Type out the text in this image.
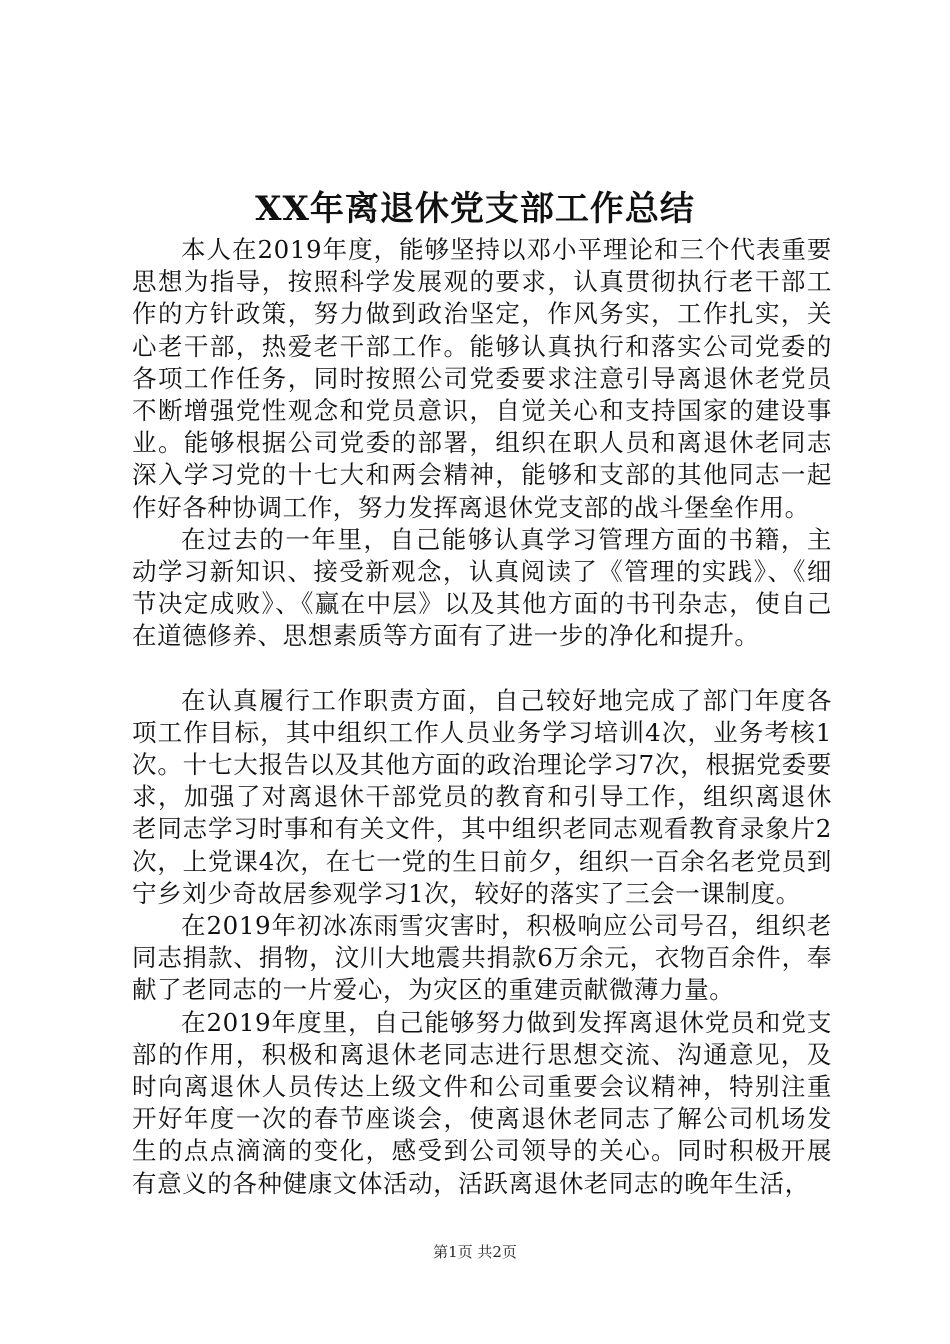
XX年离退休党支部工作总结

本人在2019年度，能够坚持以邓小平理论和三个代表重要思想为指导，按照科学发展观的要求，认真贯彻执行老干部工作的方针政策，努力做到政治坚定，作风务实，工作扎实，关心老干部，热爱老干部工作。能够认真执行和落实公司党委的各项工作任务，同时按照公司党委要求注意引导离退休老党员不断增强党性观念和党员意识，自觉关心和支持国家的建设事业。能够根据公司党委的部署，组织在职人员和离退休老同志深入学习党的十七大和两会精神，能够和支部的其他同志一起作好各种协调工作，努力发挥离退休党支部的战斗堡垒作用。

在过去的一年里，自己能够认真学习管理方面的书籍，主动学习新知识、接受新观念，认真阅读了《管理的实践》、《细节决定成败》、《赢在中层》以及其他方面的书刊杂志，使自己在道德修养、思想素质等方面有了进一步的净化和提升。

在认真履行工作职责方面，自己较好地完成了部门年度各项工作目标，其中组织工作人员业务学习培训4次，业务考核1次。十七大报告以及其他方面的政治理论学习7次，根据党委要求，加强了对离退休干部党员的教育和引导工作，组织离退休老同志学习时事和有关文件，其中组织老同志观看教育录象片2次，上党课4次，在七一党的生日前夕，组织一百余名老党员到宁乡刘少奇故居参观学习1次，较好的落实了三会一课制度。

在2019年初冰冻雨雪灾害时，积极响应公司号召，组织老同志捐款、捐物，汶川大地震共捐款6万余元，衣物百余件，奉献了老同志的一片爱心，为灾区的重建贡献微薄力量。

在2019年度里，自己能够努力做到发挥离退休党员和党支部的作用，积极和离退休老同志进行思想交流、沟通意见，及时向离退休人员传达上级文件和公司重要会议精神，特别注重开好年度一次的春节座谈会，使离退休老同志了解公司机场发生的点点滴滴的变化，感受到公司领导的关心。同时积极开展有意义的各种健康文体活动，活跃离退休老同志的晚年生活，

第1页 共2页
